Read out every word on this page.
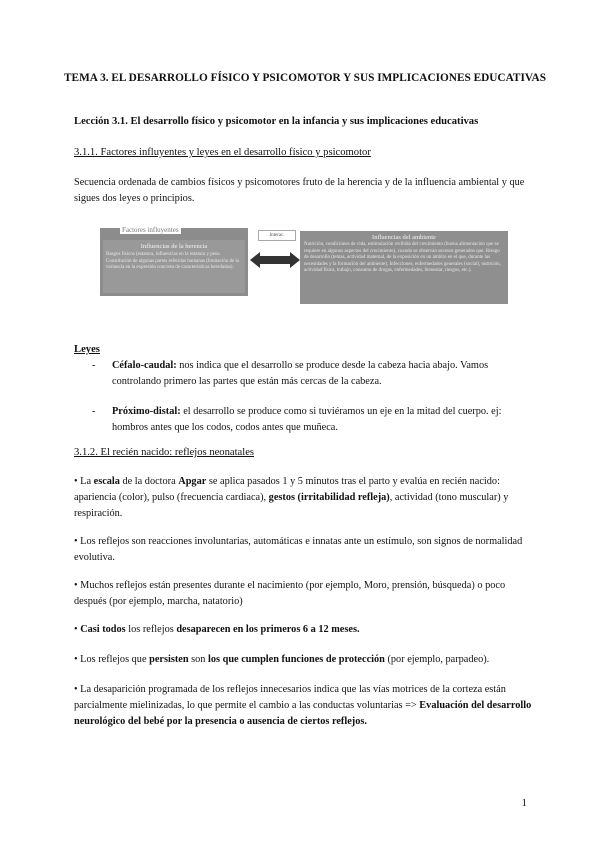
TEMA 3. EL DESARROLLO FÍSICO Y PSICOMOTOR Y SUS IMPLICACIONES EDUCATIVAS
Lección 3.1. El desarrollo físico y psicomotor en la infancia y sus implicaciones educativas
3.1.1. Factores influyentes y leyes en el desarrollo físico y psicomotor
Secuencia ordenada de cambios físicos y psicomotores fruto de la herencia y de la influencia ambiental y que sigues dos leyes o principios.
Factores influyentes
Influencias de la herencia
Rasgos físicos (estatura, influencias en la estatura y peso. Constitución de algunas partes referidas humanas (limitación de la variancia en la expresión concreta de características heredadas).
Interac.	Influencias del ambiente
Nutrición, condiciones de vida, estimulación recibida del crecimiento (buena alimentación que se requiere en algunos aspectos del crecimiento), cuando se observan sucesos generados que. Riesgo de desarrollo (temas, actividad maternal, de la exposición en un ámbito en el que, durante las necesidades y la formación del ambiente). Infecciones, enfermedades generales (social), nutrición, actividad física, trabajo, consumo de drogas, enfermedades, bienestar, riesgos, etc.).
Leyes
- Céfalo-caudal: nos indica que el desarrollo se produce desde la cabeza hacia abajo. Vamos controlando primero las partes que están más cercas de la cabeza.
- Próximo-distal: el desarrollo se produce como si tuviéramos un eje en la mitad del cuerpo. ej: hombros antes que los codos, codos antes que muñeca.
3.1.2. El recién nacido: reflejos neonatales
• La escala de la doctora Apgar se aplica pasados 1 y 5 minutos tras el parto y evalúa en recién nacido: apariencia (color), pulso (frecuencia cardiaca), gestos (irritabilidad refleja), actividad (tono muscular) y respiración.
• Los reflejos son reacciones involuntarias, automáticas e innatas ante un estímulo, son signos de normalidad evolutiva.
• Muchos reflejos están presentes durante el nacimiento (por ejemplo, Moro, prensión, búsqueda) o poco después (por ejemplo, marcha, natatorio)
• Casi todos los reflejos desaparecen en los primeros 6 a 12 meses.
• Los reflejos que persisten son los que cumplen funciones de protección (por ejemplo, parpadeo).
• La desaparición programada de los reflejos innecesarios indica que las vías motrices de la corteza están parcialmente mielinizadas, lo que permite el cambio a las conductas voluntarias => Evaluación del desarrollo neurológico del bebé por la presencia o ausencia de ciertos reflejos.
1
